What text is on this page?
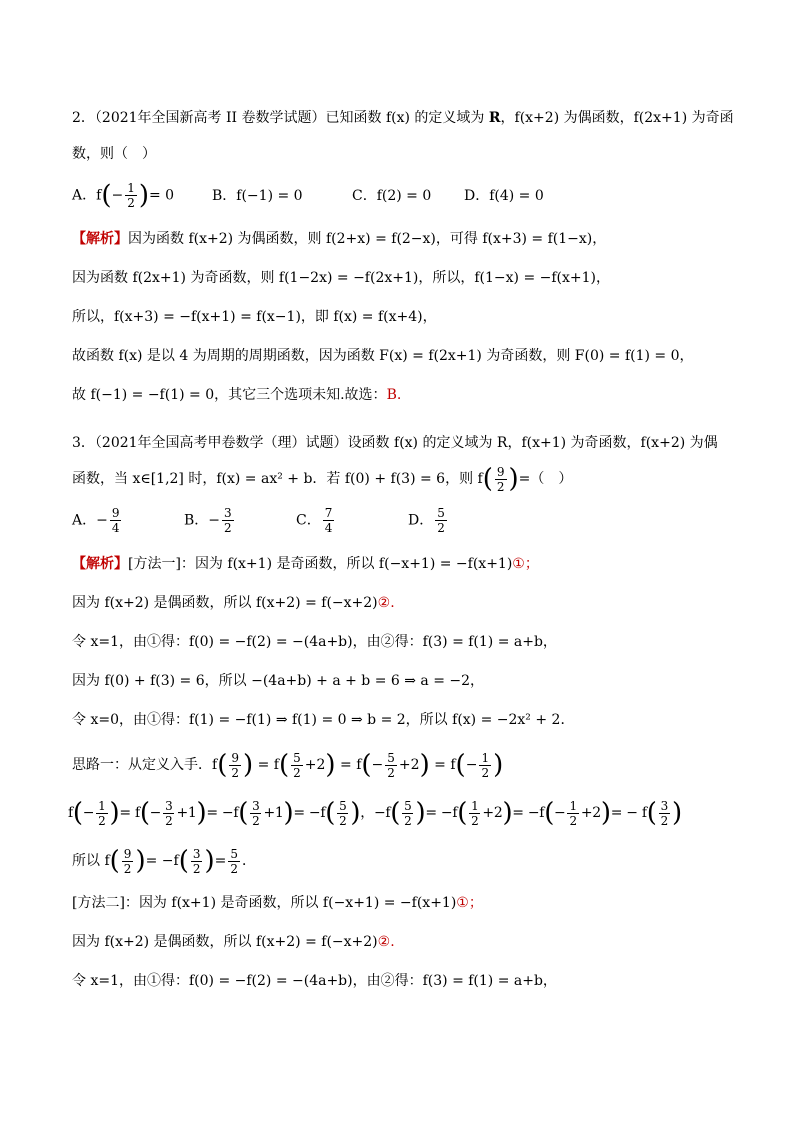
2．（2021年全国新高考 II 卷数学试题）已知函数 f(x) 的定义域为 R，f(x+2) 为偶函数，f(2x+1) 为奇函
数，则（　）
A．$f(- \frac{1}{2}$ )= 0	B．f(−1) = 0	C．f(2) = 0	D．f(4) = 0
【解析】因为函数 f(x+2) 为偶函数，则 f(2+x) = f(2−x)，可得 f(x+3) = f(1−x)，
因为函数 f(2x+1) 为奇函数，则 f(1−2x) = −f(2x+1)，所以，f(1−x) = −f(x+1)，
所以，f(x+3) = −f(x+1) = f(x−1)，即 f(x) = f(x+4)，
故函数 f(x) 是以 4 为周期的周期函数，因为函数 F(x) = f(2x+1) 为奇函数，则 F(0) = f(1) = 0，
故 f(−1) = −f(1) = 0，其它三个选项未知.故选：B.
3．（2021年全国高考甲卷数学（理）试题）设函数 f(x) 的定义域为 R，f(x+1) 为奇函数，f(x+2) 为偶
函数，当 x∈[1,2] 时，f(x) = ax² + b．若 f(0) + f(3) = 6，则 $f( \frac{9}{2}$ )=（　）
A．− $\frac{9}{4}$	B．− $\frac{3}{2}$	C． $\frac{7}{4}$	D． $\frac{5}{2}$
【解析】[方法一]：因为 f(x+1) 是奇函数，所以 f(−x+1) = −f(x+1)①；
因为 f(x+2) 是偶函数，所以 f(x+2) = f(−x+2)②.
令 x=1，由①得：f(0) = −f(2) = −(4a+b)，由②得：f(3) = f(1) = a+b，
因为 f(0) + f(3) = 6，所以 −(4a+b) + a + b = 6 ⇒ a = −2，
令 x=0，由①得：f(1) = −f(1) ⇒ f(1) = 0 ⇒ b = 2，所以 f(x) = −2x² + 2．
思路一：从定义入手．$f( \frac{9}{2}$ ) = $f( \frac{5}{2} +2) = f(- \frac{5}{2} +2) = f(- \frac{1}{2}$ )
$f(- \frac{1}{2}$ )= $f(- \frac{3}{2} +1)= -f( \frac{3}{2} +1)= -f( \frac{5}{2}$ )，$-f( \frac{5}{2}$ )= $-f( \frac{1}{2} +2)= -f(- \frac{1}{2} +2)= - f( \frac{3}{2}$ )
所以 $f( \frac{9}{2}$ )= $-f( \frac{3}{2}$ )= $\frac{5}{2}$ ．
[方法二]：因为 f(x+1) 是奇函数，所以 f(−x+1) = −f(x+1)①；
因为 f(x+2) 是偶函数，所以 f(x+2) = f(−x+2)②.
令 x=1，由①得：f(0) = −f(2) = −(4a+b)，由②得：f(3) = f(1) = a+b，
